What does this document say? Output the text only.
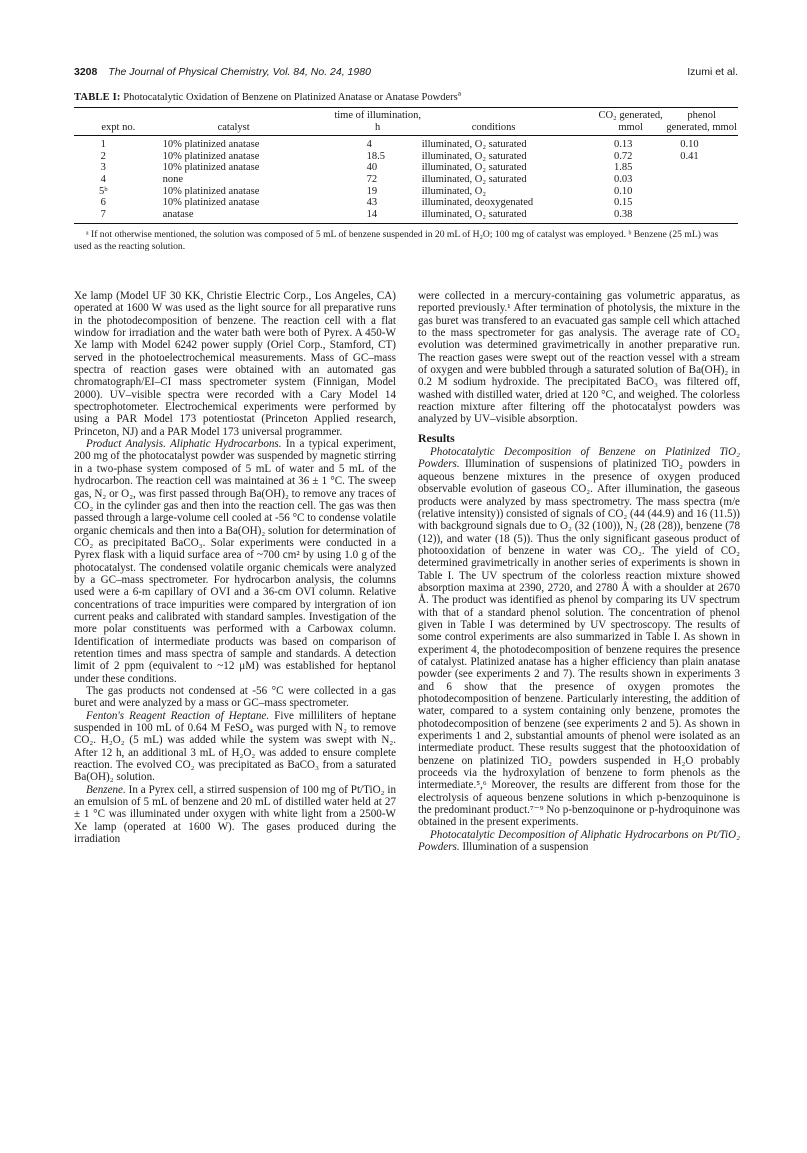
3208 The Journal of Physical Chemistry, Vol. 84, No. 24, 1980	Izumi et al.

TABLE I: Photocatalytic Oxidation of Benzene on Platinized Anatase or Anatase Powders$^a$

expt no.	catalyst	time of illumination, h	conditions	CO₂ generated, mmol	phenol generated, mmol
1	10% platinized anatase	4	illuminated, O₂ saturated	0.13	0.10
2	10% platinized anatase	18.5	illuminated, O₂ saturated	0.72	0.41
3	10% platinized anatase	40	illuminated, O₂ saturated	1.85	
4	none	72	illuminated, O₂ saturated	0.03	
5ᵇ	10% platinized anatase	19	illuminated, O₂	0.10	
6	10% platinized anatase	43	illuminated, deoxygenated	0.15	
7	anatase	14	illuminated, O₂ saturated	0.38	

ᵃ If not otherwise mentioned, the solution was composed of 5 mL of benzene suspended in 20 mL of H₂O; 100 mg of catalyst was employed. ᵇ Benzene (25 mL) was used as the reacting solution.

Xe lamp (Model UF 30 KK, Christie Electric Corp., Los Angeles, CA) operated at 1600 W was used as the light source for all preparative runs in the photodecomposition of benzene. The reaction cell with a flat window for irradiation and the water bath were both of Pyrex. A 450-W Xe lamp with Model 6242 power supply (Oriel Corp., Stamford, CT) served in the photoelectrochemical measurements. Mass of GC–mass spectra of reaction gases were obtained with an automated gas chromatograph/EI–CI mass spectrometer system (Finnigan, Model 2000). UV–visible spectra were recorded with a Cary Model 14 spectrophotometer. Electrochemical experiments were performed by using a PAR Model 173 potentiostat (Princeton Applied research, Princeton, NJ) and a PAR Model 173 universal programmer.

Product Analysis. Aliphatic Hydrocarbons. In a typical experiment, 200 mg of the photocatalyst powder was suspended by magnetic stirring in a two-phase system composed of 5 mL of water and 5 mL of the hydrocarbon. The reaction cell was maintained at 36 ± 1 °C. The sweep gas, N₂ or O₂, was first passed through Ba(OH)₂ to remove any traces of CO₂ in the cylinder gas and then into the reaction cell. The gas was then passed through a large-volume cell cooled at -56 °C to condense volatile organic chemicals and then into a Ba(OH)₂ solution for determination of CO₂ as precipitated BaCO₃. Solar experiments were conducted in a Pyrex flask with a liquid surface area of ~700 cm² by using 1.0 g of the photocatalyst. The condensed volatile organic chemicals were analyzed by a GC–mass spectrometer. For hydrocarbon analysis, the columns used were a 6-m capillary of OVI and a 36-cm OVI column. Relative concentrations of trace impurities were compared by intergration of ion current peaks and calibrated with standard samples. Investigation of the more polar constituents was performed with a Carbowax column. Identification of intermediate products was based on comparison of retention times and mass spectra of sample and standards. A detection limit of 2 ppm (equivalent to ~12 μM) was established for heptanol under these conditions.

The gas products not condensed at -56 °C were collected in a gas buret and were analyzed by a mass or GC–mass spectrometer.

Fenton's Reagent Reaction of Heptane. Five milliliters of heptane suspended in 100 mL of 0.64 M FeSO₄ was purged with N₂ to remove CO₂. H₂O₂ (5 mL) was added while the system was swept with N₂. After 12 h, an additional 3 mL of H₂O₂ was added to ensure complete reaction. The evolved CO₂ was precipitated as BaCO₃ from a saturated Ba(OH)₂ solution.

Benzene. In a Pyrex cell, a stirred suspension of 100 mg of Pt/TiO₂ in an emulsion of 5 mL of benzene and 20 mL of distilled water held at 27 ± 1 °C was illuminated under oxygen with white light from a 2500-W Xe lamp (operated at 1600 W). The gases produced during the irradiation

were collected in a mercury-containing gas volumetric apparatus, as reported previously.¹ After termination of photolysis, the mixture in the gas buret was transfered to an evacuated gas sample cell which attached to the mass spectrometer for gas analysis. The average rate of CO₂ evolution was determined gravimetrically in another preparative run. The reaction gases were swept out of the reaction vessel with a stream of oxygen and were bubbled through a saturated solution of Ba(OH)₂ in 0.2 M sodium hydroxide. The precipitated BaCO₃ was filtered off, washed with distilled water, dried at 120 °C, and weighed. The colorless reaction mixture after filtering off the photocatalyst powders was analyzed by UV–visible absorption.

Results

Photocatalytic Decomposition of Benzene on Platinized TiO₂ Powders. Illumination of suspensions of platinized TiO₂ powders in aqueous benzene mixtures in the presence of oxygen produced observable evolution of gaseous CO₂. After illumination, the gaseous products were analyzed by mass spectrometry. The mass spectra (m/e (relative intensity)) consisted of signals of CO₂ (44 (44.9) and 16 (11.5)) with background signals due to O₂ (32 (100)), N₂ (28 (28)), benzene (78 (12)), and water (18 (5)). Thus the only significant gaseous product of photooxidation of benzene in water was CO₂. The yield of CO₂ determined gravimetrically in another series of experiments is shown in Table I. The UV spectrum of the colorless reaction mixture showed absorption maxima at 2390, 2720, and 2780 Å with a shoulder at 2670 Å. The product was identified as phenol by comparing its UV spectrum with that of a standard phenol solution. The concentration of phenol given in Table I was determined by UV spectroscopy. The results of some control experiments are also summarized in Table I. As shown in experiment 4, the photodecomposition of benzene requires the presence of catalyst. Platinized anatase has a higher efficiency than plain anatase powder (see experiments 2 and 7). The results shown in experiments 3 and 6 show that the presence of oxygen promotes the photodecomposition of benzene. Particularly interesting, the addition of water, compared to a system containing only benzene, promotes the photodecomposition of benzene (see experiments 2 and 5). As shown in experiments 1 and 2, substantial amounts of phenol were isolated as an intermediate product. These results suggest that the photooxidation of benzene on platinized TiO₂ powders suspended in H₂O probably proceeds via the hydroxylation of benzene to form phenols as the intermediate.⁵,⁶ Moreover, the results are different from those for the electrolysis of aqueous benzene solutions in which p-benzoquinone is the predominant product.⁷⁻⁹ No p-benzoquinone or p-hydroquinone was obtained in the present experiments.

Photocatalytic Decomposition of Aliphatic Hydrocarbons on Pt/TiO₂ Powders. Illumination of a suspension
